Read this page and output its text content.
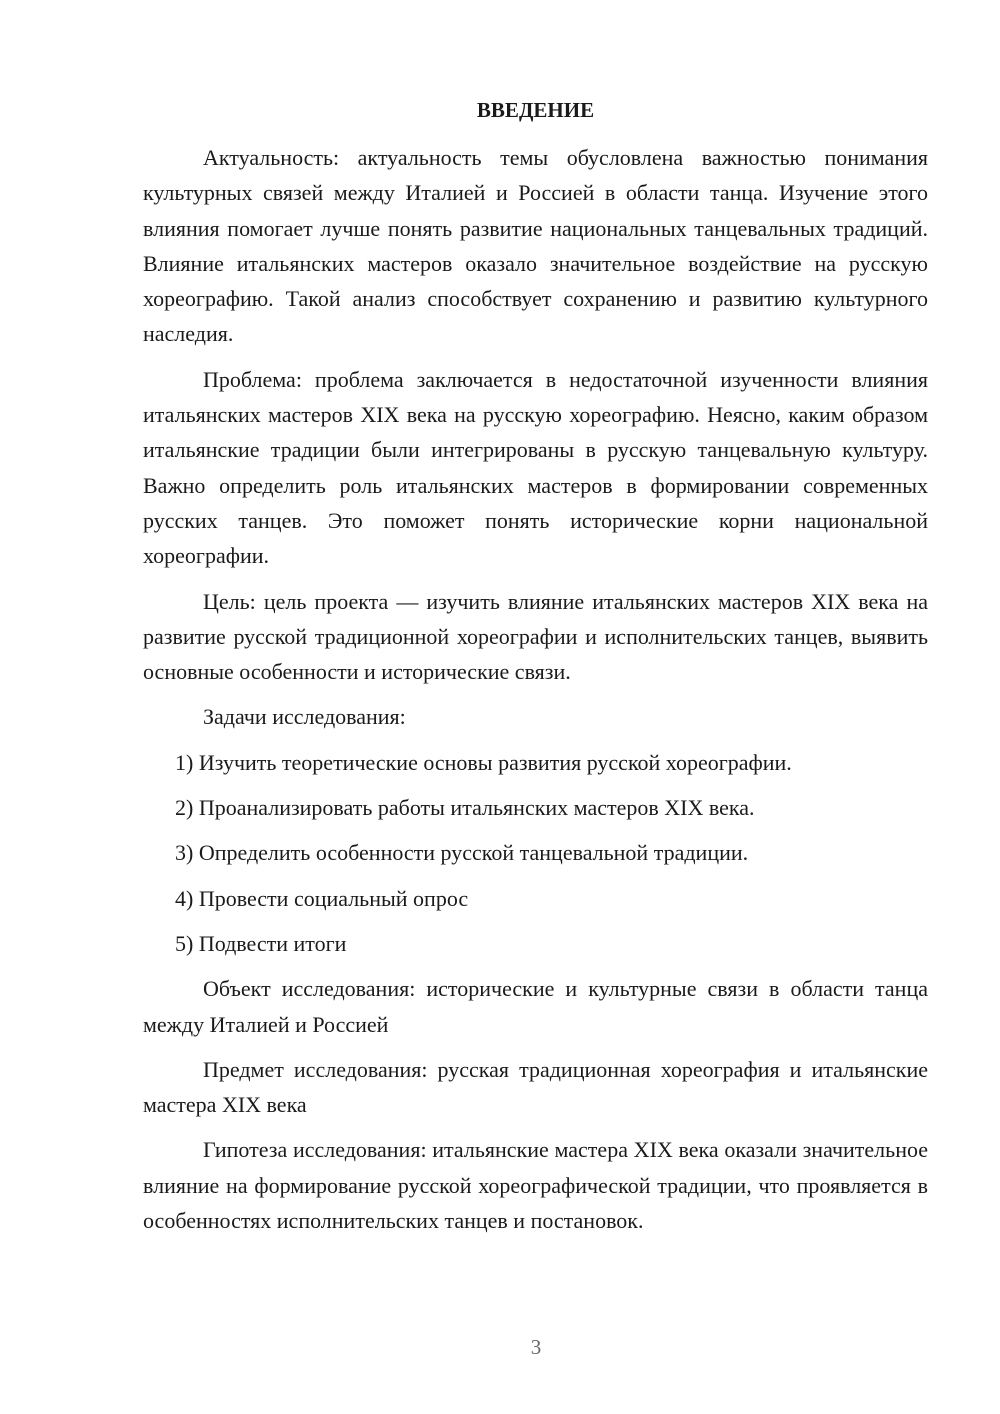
ВВЕДЕНИЕ

Актуальность: актуальность темы обусловлена важностью понимания культурных связей между Италией и Россией в области танца. Изучение этого влияния помогает лучше понять развитие национальных танцевальных традиций. Влияние итальянских мастеров оказало значительное воздействие на русскую хореографию. Такой анализ способствует сохранению и развитию культурного наследия.

Проблема: проблема заключается в недостаточной изученности влияния итальянских мастеров XIX века на русскую хореографию. Неясно, каким образом итальянские традиции были интегрированы в русскую танцевальную культуру. Важно определить роль итальянских мастеров в формировании современных русских танцев. Это поможет понять исторические корни национальной хореографии.

Цель: цель проекта — изучить влияние итальянских мастеров XIX века на развитие русской традиционной хореографии и исполнительских танцев, выявить основные особенности и исторические связи.

Задачи исследования:

1) Изучить теоретические основы развития русской хореографии.
2) Проанализировать работы итальянских мастеров XIX века.
3) Определить особенности русской танцевальной традиции.
4) Провести социальный опрос
5) Подвести итоги

Объект исследования: исторические и культурные связи в области танца между Италией и Россией

Предмет исследования: русская традиционная хореография и итальянские мастера XIX века

Гипотеза исследования: итальянские мастера XIX века оказали значительное влияние на формирование русской хореографической традиции, что проявляется в особенностях исполнительских танцев и постановок.

3
